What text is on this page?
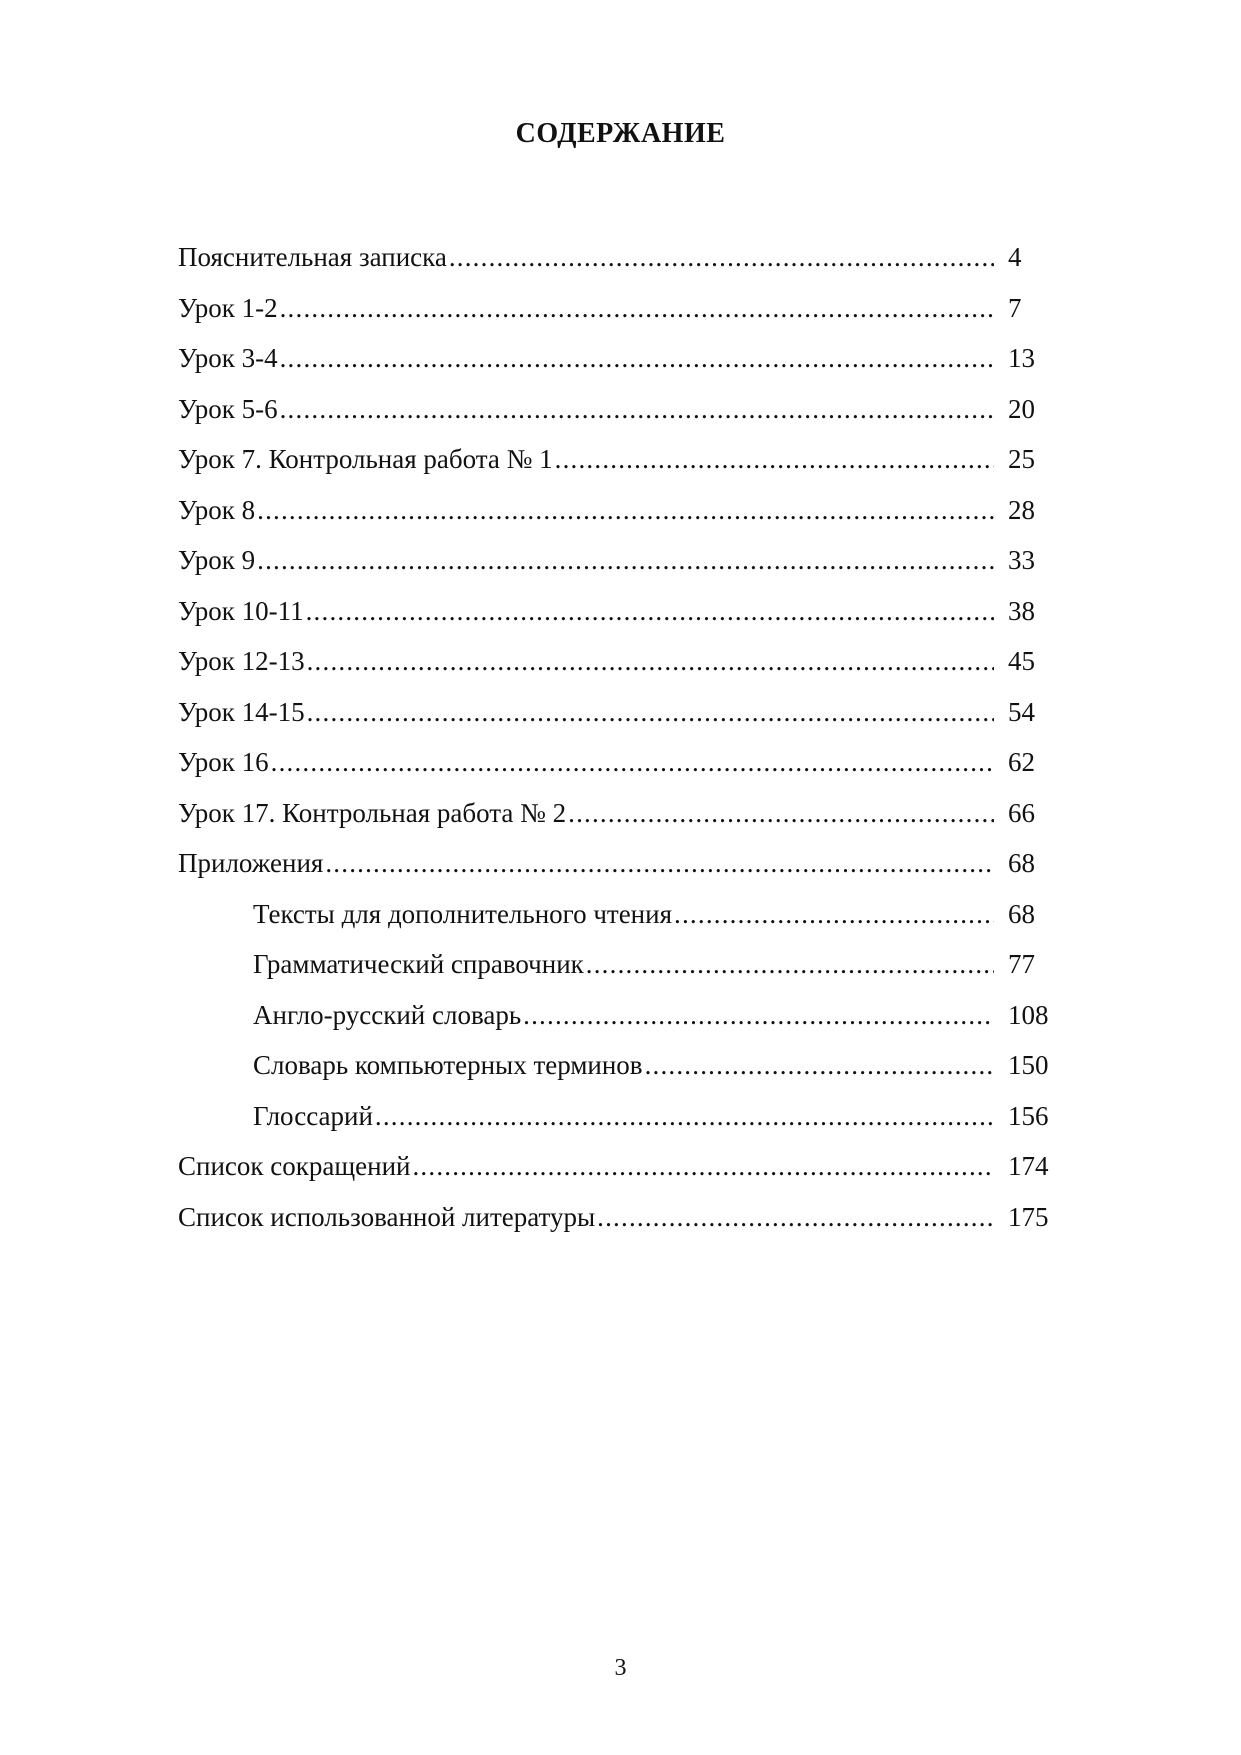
СОДЕРЖАНИЕ
Пояснительная записка .....	4
Урок 1-2 .....	7
Урок 3-4 .....	13
Урок 5-6 .....	20
Урок 7. Контрольная работа № 1 .....	25
Урок 8 .....	28
Урок 9 .....	33
Урок 10-11 .....	38
Урок 12-13 .....	45
Урок 14-15 .....	54
Урок 16 .....	62
Урок 17. Контрольная работа № 2 .....	66
Приложения .....	68
Тексты для дополнительного чтения .....	68
Грамматический справочник .....	77
Англо-русский словарь .....	108
Словарь компьютерных терминов .....	150
Глоссарий .....	156
Список сокращений .....	174
Список использованной литературы .....	175
3
